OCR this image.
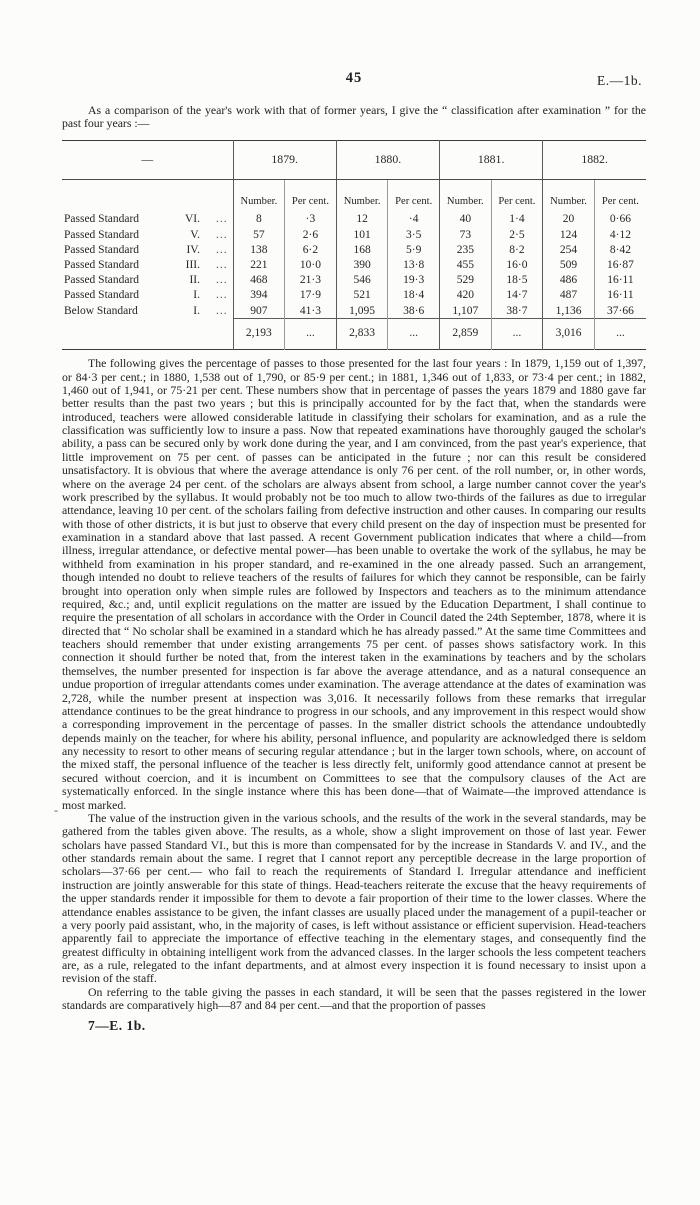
45	E.—1b.

As a comparison of the year's work with that of former years, I give the “ classification after examination ” for the past four years :—

—	1879.		1880.		1881.		1882.	
	Number.	Per cent.	Number.	Per cent.	Number.	Per cent.	Number.	Per cent.
Passed Standard VI. ...	8	·3	12	·4	40	1·4	20	0·66
Passed Standard V. ...	57	2·6	101	3·5	73	2·5	124	4·12
Passed Standard IV. ...	138	6·2	168	5·9	235	8·2	254	8·42
Passed Standard III. ...	221	10·0	390	13·8	455	16·0	509	16·87
Passed Standard II. ...	468	21·3	546	19·3	529	18·5	486	16·11
Passed Standard I. ...	394	17·9	521	18·4	420	14·7	487	16·11
Below Standard I. ...	907	41·3	1,095	38·6	1,107	38·7	1,136	37·66
	2,193	...	2,833	...	2,859	...	3,016	...

The following gives the percentage of passes to those presented for the last four years : In 1879, 1,159 out of 1,397, or 84·3 per cent.; in 1880, 1,538 out of 1,790, or 85·9 per cent.; in 1881, 1,346 out of 1,833, or 73·4 per cent.; in 1882, 1,460 out of 1,941, or 75·21 per cent. These numbers show that in percentage of passes the years 1879 and 1880 gave far better results than the past two years ; but this is principally accounted for by the fact that, when the standards were introduced, teachers were allowed considerable latitude in classifying their scholars for examination, and as a rule the classification was sufficiently low to insure a pass. Now that repeated examinations have thoroughly gauged the scholar's ability, a pass can be secured only by work done during the year, and I am convinced, from the past year's experience, that little improvement on 75 per cent. of passes can be anticipated in the future ; nor can this result be considered unsatisfactory. It is obvious that where the average attendance is only 76 per cent. of the roll number, or, in other words, where on the average 24 per cent. of the scholars are always absent from school, a large number cannot cover the year's work prescribed by the syllabus. It would probably not be too much to allow two-thirds of the failures as due to irregular attendance, leaving 10 per cent. of the scholars failing from defective instruction and other causes. In comparing our results with those of other districts, it is but just to observe that every child present on the day of inspection must be presented for examination in a standard above that last passed. A recent Government publication indicates that where a child—from illness, irregular attendance, or defective mental power—has been unable to overtake the work of the syllabus, he may be withheld from examination in his proper standard, and re-examined in the one already passed. Such an arrangement, though intended no doubt to relieve teachers of the results of failures for which they cannot be responsible, can be fairly brought into operation only when simple rules are followed by Inspectors and teachers as to the minimum attendance required, &c.; and, until explicit regulations on the matter are issued by the Education Department, I shall continue to require the presentation of all scholars in accordance with the Order in Council dated the 24th September, 1878, where it is directed that “ No scholar shall be examined in a standard which he has already passed.” At the same time Committees and teachers should remember that under existing arrangements 75 per cent. of passes shows satisfactory work. In this connection it should further be noted that, from the interest taken in the examinations by teachers and by the scholars themselves, the number presented for inspection is far above the average attendance, and as a natural consequence an undue proportion of irregular attendants comes under examination. The average attendance at the dates of examination was 2,728, while the number present at inspection was 3,016. It necessarily follows from these remarks that irregular attendance continues to be the great hindrance to progress in our schools, and any improvement in this respect would show a corresponding improvement in the percentage of passes. In the smaller district schools the attendance undoubtedly depends mainly on the teacher, for where his ability, personal influence, and popularity are acknowledged there is seldom any necessity to resort to other means of securing regular attendance ; but in the larger town schools, where, on account of the mixed staff, the personal influence of the teacher is less directly felt, uniformly good attendance cannot at present be secured without coercion, and it is incumbent on Committees to see that the compulsory clauses of the Act are systematically enforced. In the single instance where this has been done—that of Waimate—the improved attendance is most marked.

The value of the instruction given in the various schools, and the results of the work in the several standards, may be gathered from the tables given above. The results, as a whole, show a slight improvement on those of last year. Fewer scholars have passed Standard VI., but this is more than compensated for by the increase in Standards V. and IV., and the other standards remain about the same. I regret that I cannot report any perceptible decrease in the large proportion of scholars—37·66 per cent.— who fail to reach the requirements of Standard I. Irregular attendance and inefficient instruction are jointly answerable for this state of things. Head-teachers reiterate the excuse that the heavy requirements of the upper standards render it impossible for them to devote a fair proportion of their time to the lower classes. Where the attendance enables assistance to be given, the infant classes are usually placed under the management of a pupil-teacher or a very poorly paid assistant, who, in the majority of cases, is left without assistance or efficient supervision. Head-teachers apparently fail to appreciate the importance of effective teaching in the elementary stages, and consequently find the greatest difficulty in obtaining intelligent work from the advanced classes. In the larger schools the less competent teachers are, as a rule, relegated to the infant departments, and at almost every inspection it is found necessary to insist upon a revision of the staff.

On referring to the table giving the passes in each standard, it will be seen that the passes registered in the lower standards are comparatively high—87 and 84 per cent.—and that the proportion of passes

7—E. 1b.
-
